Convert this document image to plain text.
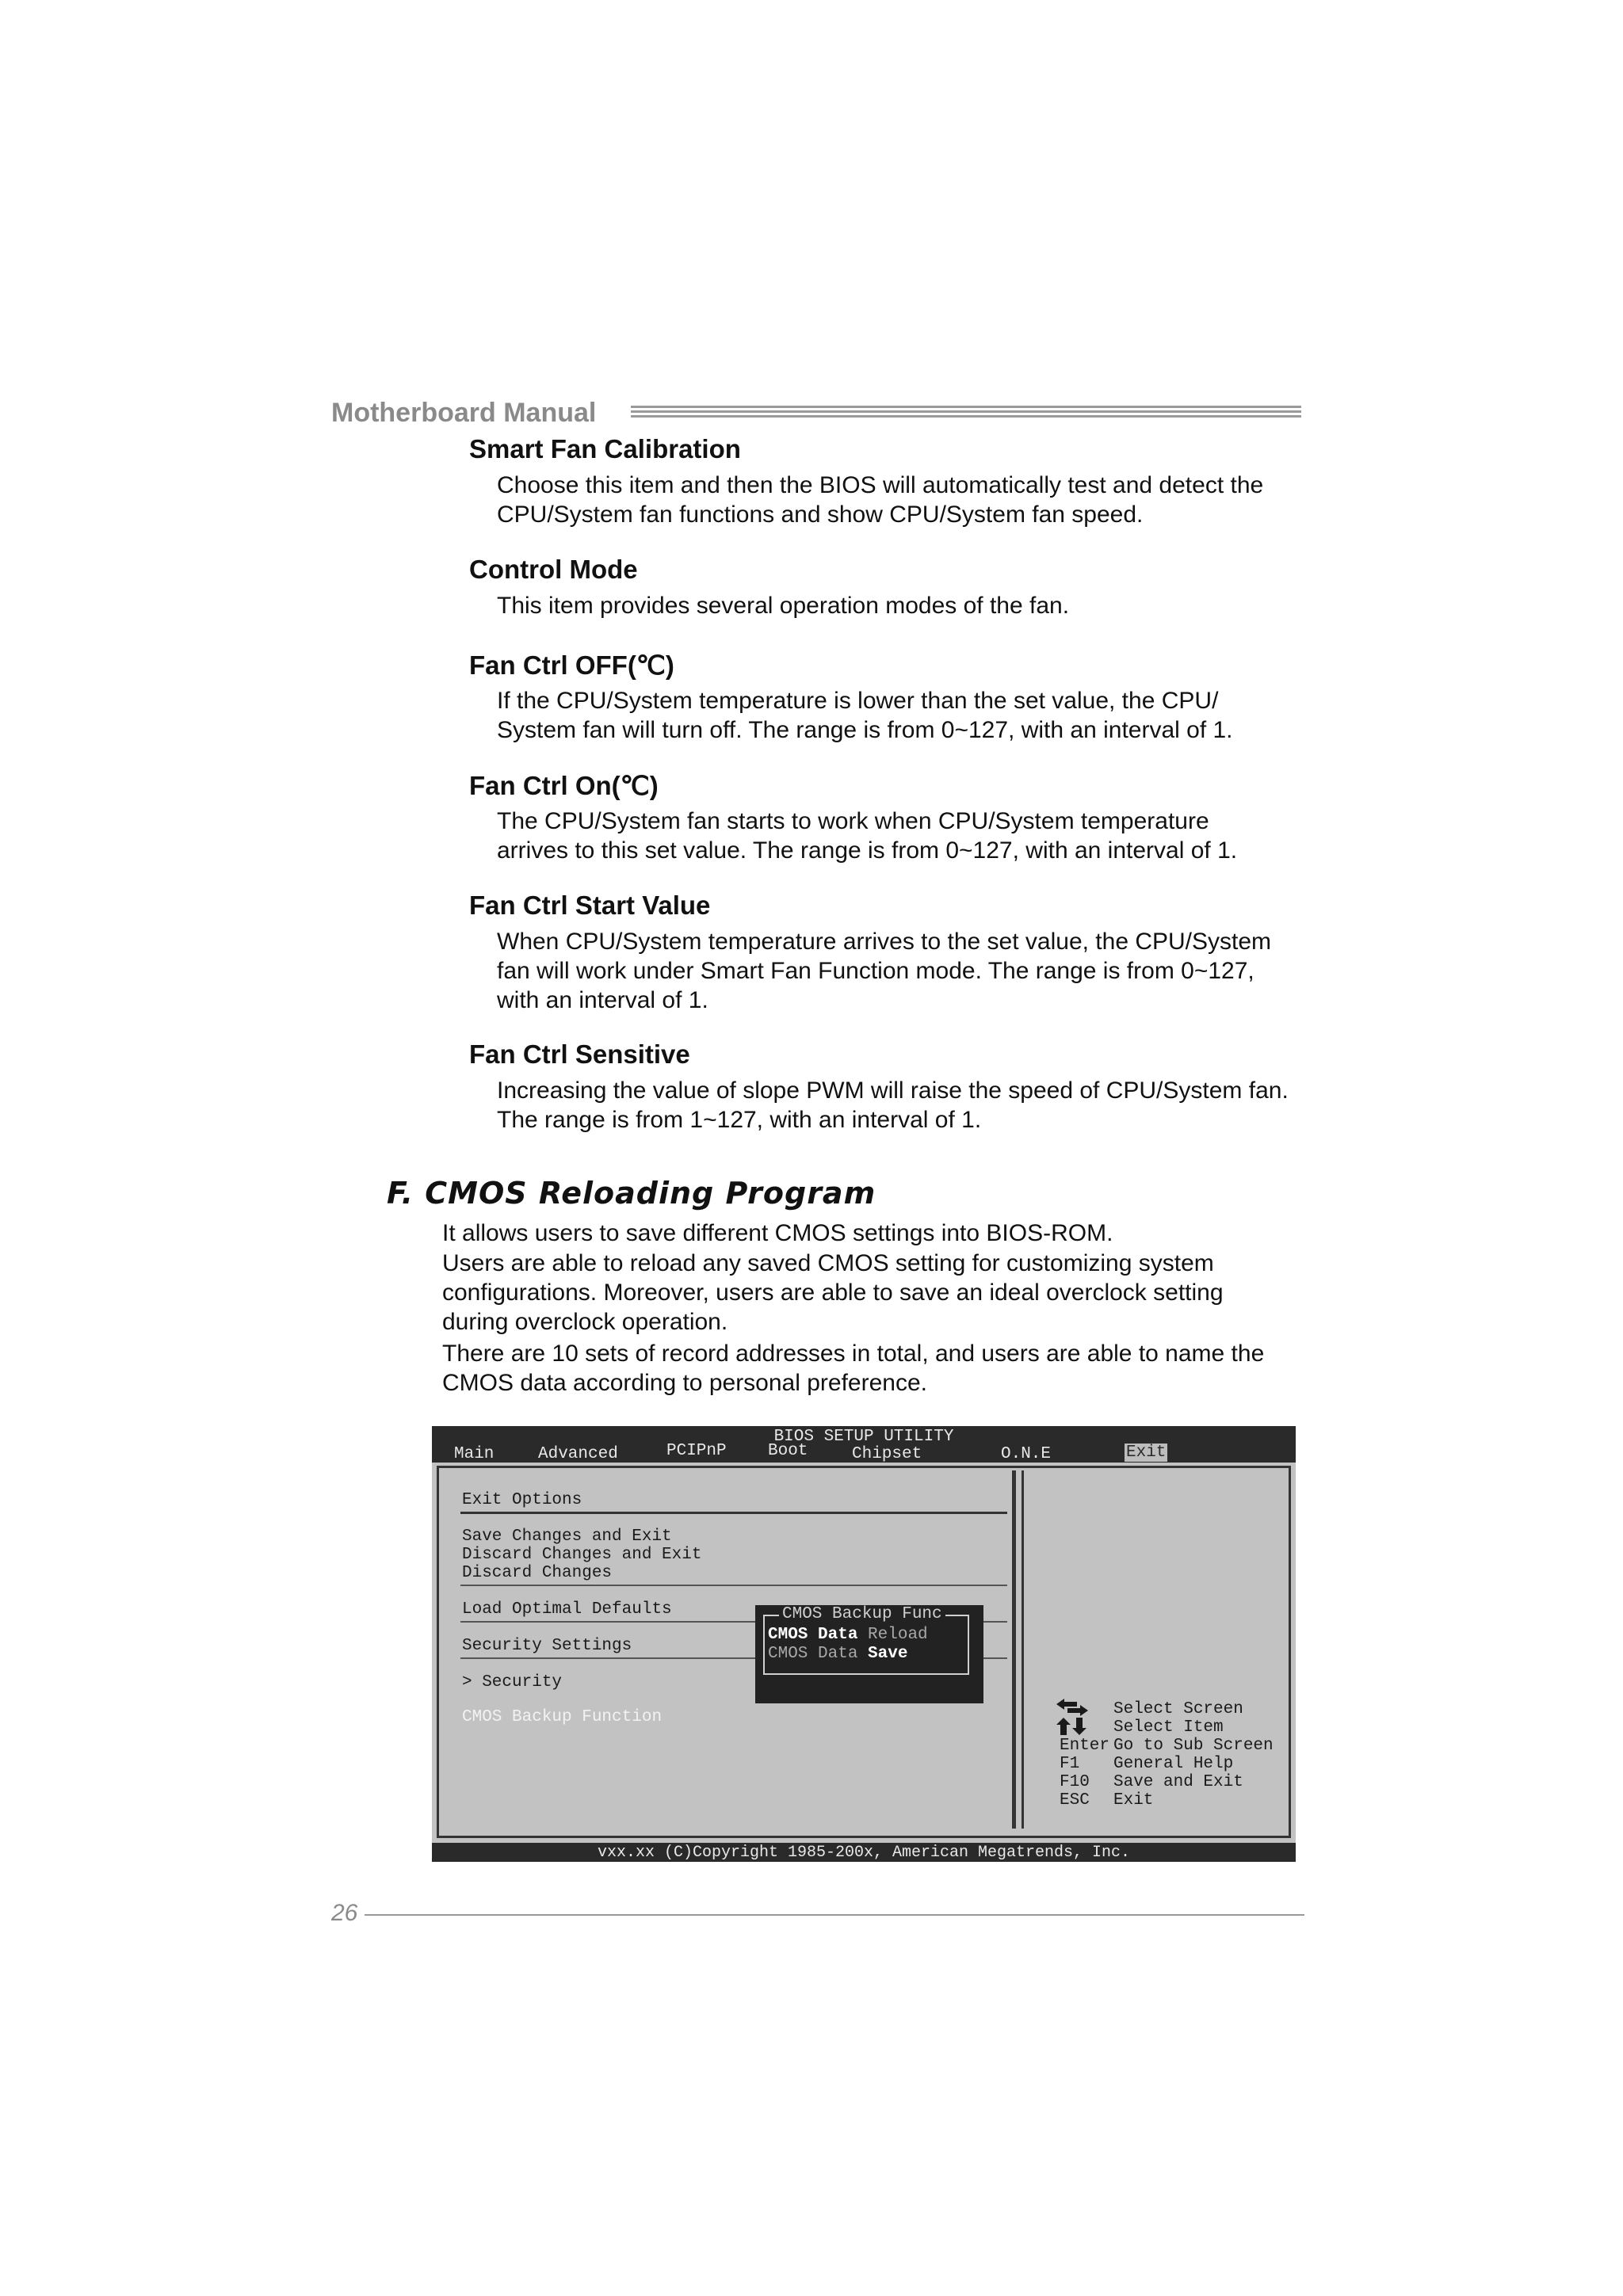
Motherboard Manual
Smart Fan Calibration
Choose this item and then the BIOS will automatically test and detect the
CPU/System fan functions and show CPU/System fan speed.
Control Mode
This item provides several operation modes of the fan.
Fan Ctrl OFF(℃)
If the CPU/System temperature is lower than the set value, the CPU/
System fan will turn off. The range is from 0~127, with an interval of 1.
Fan Ctrl On(℃)
The CPU/System fan starts to work when CPU/System temperature
arrives to this set value. The range is from 0~127, with an interval of 1.
Fan Ctrl Start Value
When CPU/System temperature arrives to the set value, the CPU/System
fan will work under Smart Fan Function mode. The range is from 0~127,
with an interval of 1.
Fan Ctrl Sensitive
Increasing the value of slope PWM will raise the speed of CPU/System fan.
The range is from 1~127, with an interval of 1.
F. CMOS Reloading Program
It allows users to save different CMOS settings into BIOS-ROM.
Users are able to reload any saved CMOS setting for customizing system
configurations. Moreover, users are able to save an ideal overclock setting
during overclock operation.
There are 10 sets of record addresses in total, and users are able to name the
CMOS data according to personal preference.
BIOS SETUP UTILITY
Main	Advanced	PCIPnP Boot	Chipset	O.N.E	Exit
Exit Options
Save Changes and Exit
Discard Changes and Exit
Discard Changes
Load Optimal Defaults
Security Settings
> Security
CMOS Backup Function
CMOS Backup Func
CMOS Data Reload
CMOS Data Save
Select Screen
Select Item
Enter Go to Sub Screen
F1 General Help
F10 Save and Exit
ESC Exit
vxx.xx (C)Copyright 1985-200x, American Megatrends, Inc.
26
